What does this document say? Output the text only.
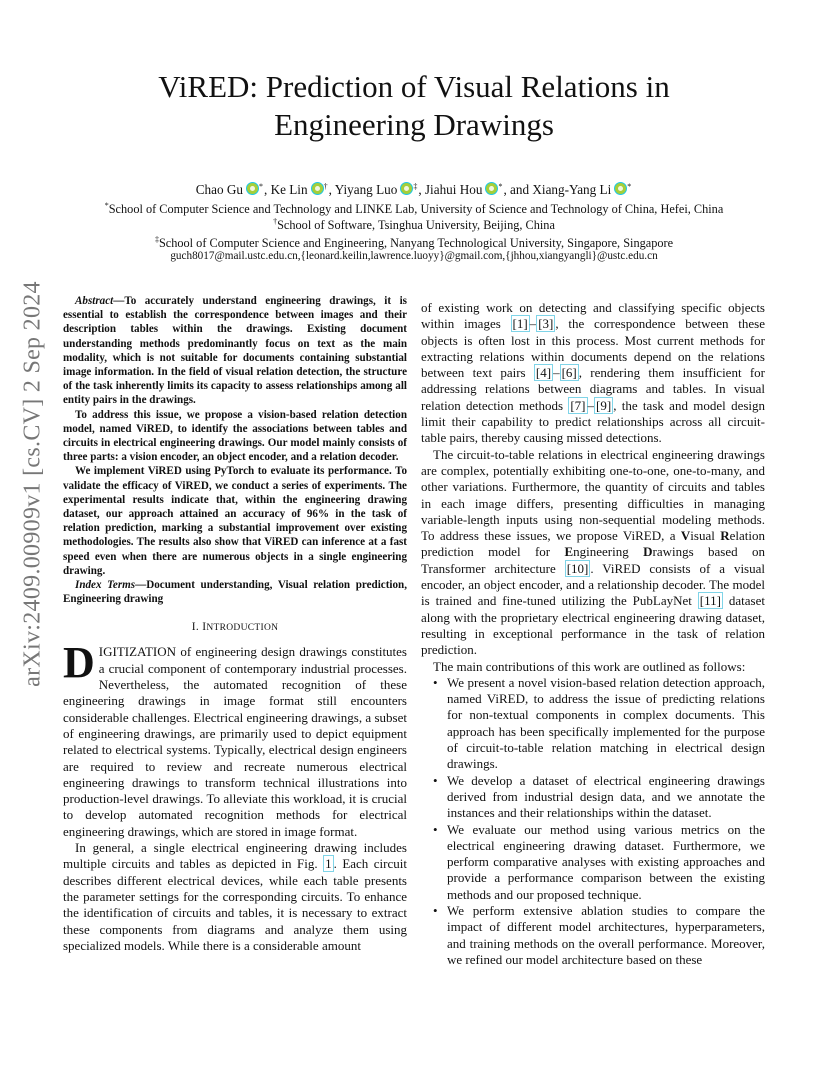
arXiv:2409.00909v1 [cs.CV] 2 Sep 2024
ViRED: Prediction of Visual Relations in
Engineering Drawings
Chao Gu *, Ke Lin †, Yiyang Luo ‡, Jiahui Hou *, and Xiang-Yang Li *
*School of Computer Science and Technology and LINKE Lab, University of Science and Technology of China, Hefei, China
†School of Software, Tsinghua University, Beijing, China
‡School of Computer Science and Engineering, Nanyang Technological University, Singapore, Singapore
guch8017@mail.ustc.edu.cn,{leonard.keilin,lawrence.luoyy}@gmail.com,{jhhou,xiangyangli}@ustc.edu.cn

Abstract—To accurately understand engineering drawings, it is essential to establish the correspondence between images and their description tables within the drawings. Existing document understanding methods predominantly focus on text as the main modality, which is not suitable for documents containing substantial image information. In the field of visual relation detection, the structure of the task inherently limits its capacity to assess relationships among all entity pairs in the drawings.

To address this issue, we propose a vision-based relation detection model, named ViRED, to identify the associations between tables and circuits in electrical engineering drawings. Our model mainly consists of three parts: a vision encoder, an object encoder, and a relation decoder.

We implement ViRED using PyTorch to evaluate its performance. To validate the efficacy of ViRED, we conduct a series of experiments. The experimental results indicate that, within the engineering drawing dataset, our approach attained an accuracy of 96% in the task of relation prediction, marking a substantial improvement over existing methodologies. The results also show that ViRED can inference at a fast speed even when there are numerous objects in a single engineering drawing.

Index Terms—Document understanding, Visual relation prediction, Engineering drawing

I. INTRODUCTION

DIGITIZATION of engineering design drawings constitutes a crucial component of contemporary industrial processes. Nevertheless, the automated recognition of these engineering drawings in image format still encounters considerable challenges. Electrical engineering drawings, a subset of engineering drawings, are primarily used to depict equipment related to electrical systems. Typically, electrical design engineers are required to review and recreate numerous electrical engineering drawings to transform technical illustrations into production-level drawings. To alleviate this workload, it is crucial to develop automated recognition methods for electrical engineering drawings, which are stored in image format.

In general, a single electrical engineering drawing includes multiple circuits and tables as depicted in Fig. 1 . Each circuit describes different electrical devices, while each table presents the parameter settings for the corresponding circuits. To enhance the identification of circuits and tables, it is necessary to extract these components from diagrams and analyze them using specialized models. While there is a considerable amount

of existing work on detecting and classifying specific objects within images [1] – [3] , the correspondence between these objects is often lost in this process. Most current methods for extracting relations within documents depend on the relations between text pairs [4] – [6] , rendering them insufficient for addressing relations between diagrams and tables. In visual relation detection methods [7] – [9] , the task and model design limit their capability to predict relationships across all circuit-table pairs, thereby causing missed detections.

The circuit-to-table relations in electrical engineering drawings are complex, potentially exhibiting one-to-one, one-to-many, and other variations. Furthermore, the quantity of circuits and tables in each image differs, presenting difficulties in managing variable-length inputs using non-sequential modeling methods. To address these issues, we propose ViRED, a Visual Relation prediction model for Engineering Drawings based on Transformer architecture [10] . ViRED consists of a visual encoder, an object encoder, and a relationship decoder. The model is trained and fine-tuned utilizing the PubLayNet [11] dataset along with the proprietary electrical engineering drawing dataset, resulting in exceptional performance in the task of relation prediction.

The main contributions of this work are outlined as follows:

• We present a novel vision-based relation detection approach, named ViRED, to address the issue of predicting relations for non-textual components in complex documents. This approach has been specifically implemented for the purpose of circuit-to-table relation matching in electrical design drawings.
• We develop a dataset of electrical engineering drawings derived from industrial design data, and we annotate the instances and their relationships within the dataset.
• We evaluate our method using various metrics on the electrical engineering drawing dataset. Furthermore, we perform comparative analyses with existing approaches and provide a performance comparison between the existing methods and our proposed technique.
• We perform extensive ablation studies to compare the impact of different model architectures, hyperparameters, and training methods on the overall performance. Moreover, we refined our model architecture based on these
